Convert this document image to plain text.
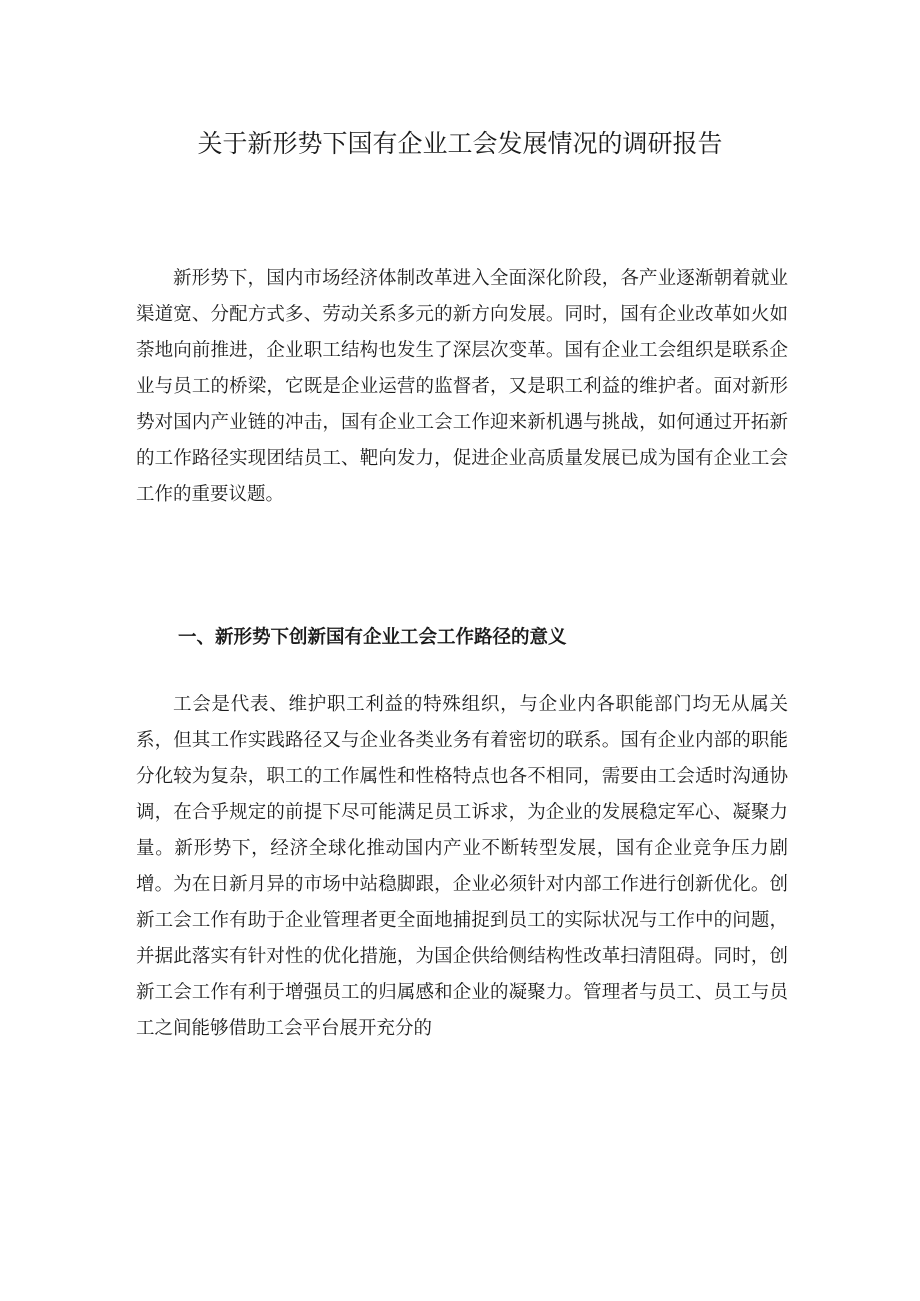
关于新形势下国有企业工会发展情况的调研报告

新形势下，国内市场经济体制改革进入全面深化阶段，各产业逐渐朝着就业渠道宽、分配方式多、劳动关系多元的新方向发展。同时，国有企业改革如火如荼地向前推进，企业职工结构也发生了深层次变革。国有企业工会组织是联系企业与员工的桥梁，它既是企业运营的监督者，又是职工利益的维护者。面对新形势对国内产业链的冲击，国有企业工会工作迎来新机遇与挑战，如何通过开拓新的工作路径实现团结员工、靶向发力，促进企业高质量发展已成为国有企业工会工作的重要议题。

一、新形势下创新国有企业工会工作路径的意义

工会是代表、维护职工利益的特殊组织，与企业内各职能部门均无从属关系，但其工作实践路径又与企业各类业务有着密切的联系。国有企业内部的职能分化较为复杂，职工的工作属性和性格特点也各不相同，需要由工会适时沟通协调，在合乎规定的前提下尽可能满足员工诉求，为企业的发展稳定军心、凝聚力量。新形势下，经济全球化推动国内产业不断转型发展，国有企业竞争压力剧增。为在日新月异的市场中站稳脚跟，企业必须针对内部工作进行创新优化。创新工会工作有助于企业管理者更全面地捕捉到员工的实际状况与工作中的问题，并据此落实有针对性的优化措施，为国企供给侧结构性改革扫清阻碍。同时，创新工会工作有利于增强员工的归属感和企业的凝聚力。管理者与员工、员工与员工之间能够借助工会平台展开充分的
